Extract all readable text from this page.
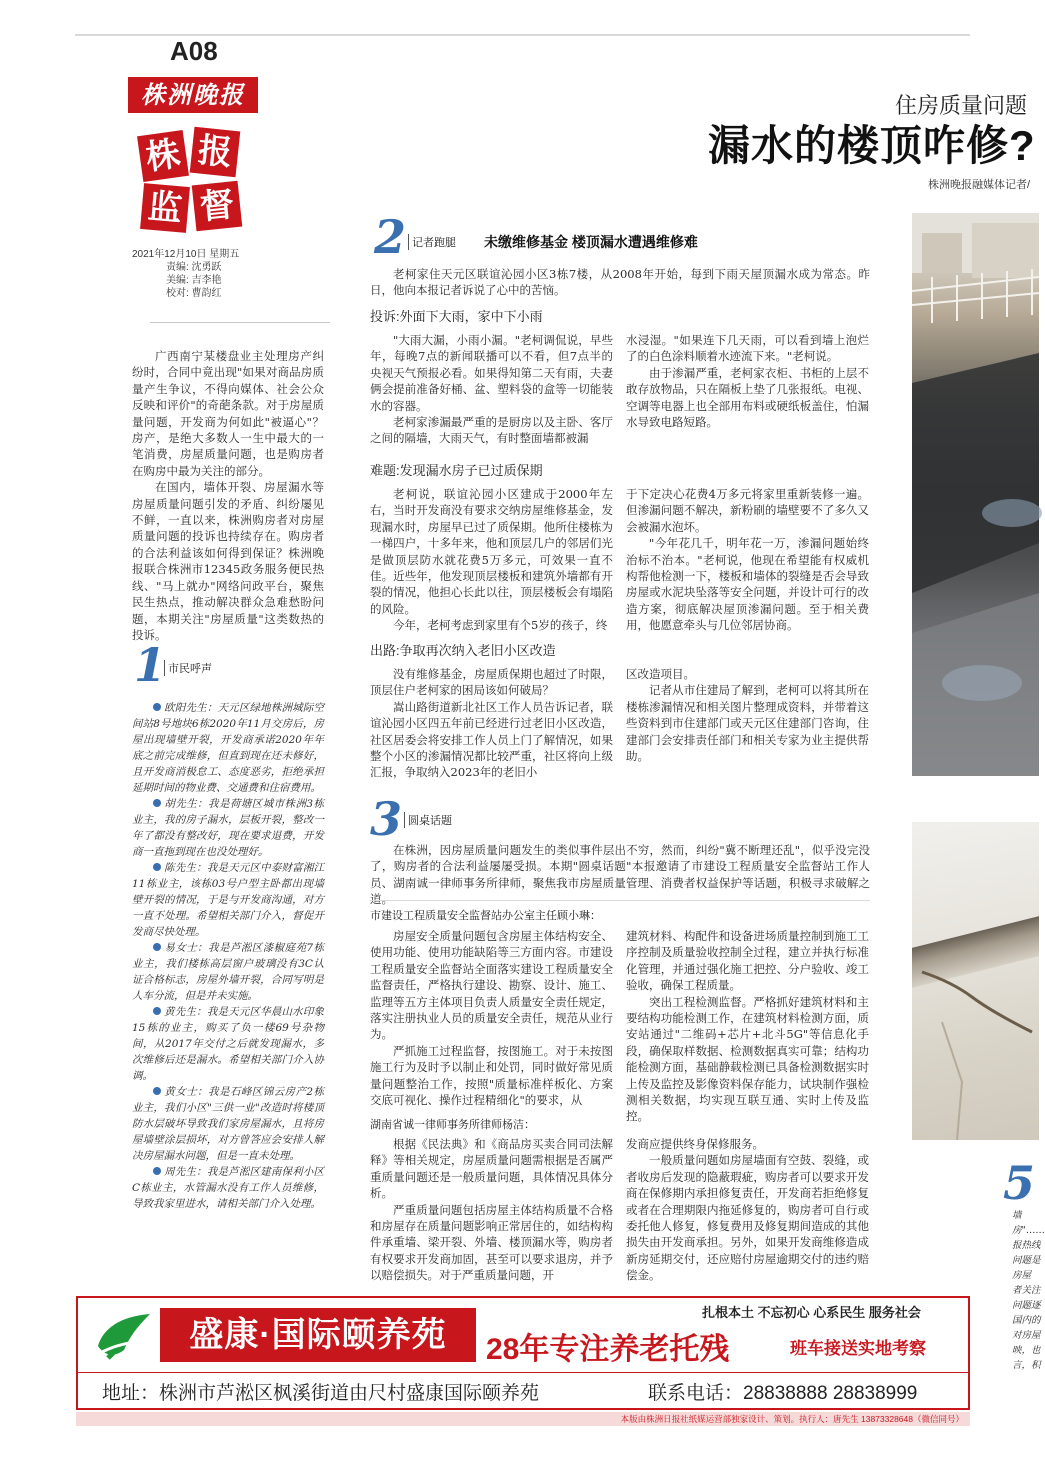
A08
株洲晚报
株 报
监 督
2021年12月10日 星期五
责编: 沈勇跃
美编: 吉李艳
校对: 曹韵红
住房质量问题
漏水的楼顶咋修?
株洲晚报融媒体记者/

广西南宁某楼盘业主处理房产纠纷时，合同中竟出现"如果对商品房质量产生争议，不得向媒体、社会公众反映和评价"的奇葩条款。对于房屋质量问题，开发商为何如此"被逼心"？房产，是绝大多数人一生中最大的一笔消费，房屋质量问题，也是购房者在购房中最为关注的部分。

在国内，墙体开裂、房屋漏水等房屋质量问题引发的矛盾、纠纷屡见不鲜，一直以来，株洲购房者对房屋质量问题的投诉也持续存在。购房者的合法利益该如何得到保证？株洲晚报联合株洲市12345政务服务便民热线、"马上就办"网络问政平台，聚焦民生热点，推动解决群众急难愁盼问题，本期关注"房屋质量"这类数热的投诉。

1 市民呼声

欧阳先生：天元区绿地株洲城际空间站8号地块6栋2020年11月交房后，房屋出现墙壁开裂，开发商承诺2020年年底之前完成维修，但直到现在还未修好，且开发商消极怠工、态度恶劣，拒绝承担延期时间的物业费、交通费和住宿费用。

胡先生：我是荷塘区城市株洲3栋业主，我的房子漏水，层板开裂，整改一年了都没有整改好，现在要求退费，开发商一直拖到现在也没处理好。

陈先生：我是天元区中泰财富湘江11栋业主，该栋03号户型主卧都出现墙壁开裂的情况，于是与开发商沟通，对方一直不处理。希望相关部门介入，督促开发商尽快处理。

易女士：我是芦淞区漆椒庭苑7栋业主，我们楼栋高层窗户玻璃没有3C认证合格标志，房屋外墙开裂，合同写明是人车分流，但是并未实施。

黄先生：我是天元区华晨山水印象15栋的业主，购买了负一楼69号杂物间，从2017年交付之后就发现漏水，多次维修后还是漏水。希望相关部门介入协调。

黄女士：我是石峰区锦云房产2栋业主，我们小区"三供一业"改造时将楼顶防水层破坏导致我们家房屋漏水，且将房屋墙壁涂层损坏，对方曾答应会安排人解决房屋漏水问题，但是一直未处理。

周先生：我是芦淞区建南保利小区C栋业主，水管漏水没有工作人员维修，导致我家里进水，请相关部门介入处理。

2 记者跑腿 未缴维修基金 楼顶漏水遭遇维修难

老柯家住天元区联谊沁园小区3栋7楼，从2008年开始，每到下雨天屋顶漏水成为常态。昨日，他向本报记者诉说了心中的苦恼。

投诉:外面下大雨，家中下小雨

"大雨大漏，小雨小漏。"老柯调侃说，早些年，每晚7点的新闻联播可以不看，但7点半的央视天气预报必看。如果得知第二天有雨，夫妻俩会提前准备好桶、盆、塑料袋的盒等一切能装水的容器。

老柯家渗漏最严重的是厨房以及主卧、客厅之间的隔墙，大雨天气，有时整面墙都被漏

水浸湿。"如果连下几天雨，可以看到墙上泡烂了的白色涂料顺着水迹流下来。"老柯说。

由于渗漏严重，老柯家衣柜、书柜的上层不敢存放物品，只在隔板上垫了几张报纸。电视、空调等电器上也全部用布料或硬纸板盖住，怕漏水导致电路短路。

难题:发现漏水房子已过质保期

老柯说，联谊沁园小区建成于2000年左右，当时开发商没有要求交纳房屋维修基金，发现漏水时，房屋早已过了质保期。他所住楼栋为一梯四户，十多年来，他和顶层几户的邻居们光是做顶层防水就花费5万多元，可效果一直不佳。近些年，他发现顶层楼板和建筑外墙都有开裂的情况，他担心长此以往，顶层楼板会有塌陷的风险。

今年，老柯考虑到家里有个5岁的孩子，终

于下定决心花费4万多元将家里重新装修一遍。但渗漏问题不解决，新粉刷的墙壁要不了多久又会被漏水泡坏。

"今年花几千，明年花一万，渗漏问题始终治标不治本。"老柯说，他现在希望能有权威机构帮他检测一下，楼板和墙体的裂缝是否会导致房屋或水泥块坠落等安全问题，并设计可行的改造方案，彻底解决屋顶渗漏问题。至于相关费用，他愿意牵头与几位邻居协商。

出路:争取再次纳入老旧小区改造

没有维修基金，房屋质保期也超过了时限，顶层住户老柯家的困局该如何破局？

嵩山路街道新北社区工作人员告诉记者，联谊沁园小区四五年前已经进行过老旧小区改造，社区居委会将安排工作人员上门了解情况，如果整个小区的渗漏情况都比较严重，社区将向上级汇报，争取纳入2023年的老旧小

区改造项目。

记者从市住建局了解到，老柯可以将其所在楼栋渗漏情况和相关图片整理成资料，并带着这些资料到市住建部门或天元区住建部门咨询，住建部门会安排责任部门和相关专家为业主提供帮助。

3 圆桌话题

在株洲，因房屋质量问题发生的类似事件层出不穷，然而，纠纷"冀不断理还乱"，似乎没完没了，购房者的合法利益屡屡受损。本期"圆桌话题"本报邀请了市建设工程质量安全监督站工作人员、湖南诚一律师事务所律师，聚焦我市房屋质量管理、消费者权益保护等话题，积极寻求破解之

市建设工程质量安全监督站办公室主任顾小琳：

房屋安全质量问题包含房屋主体结构安全、使用功能、使用功能缺陷等三方面内容。市建设工程质量安全监督站全面落实建设工程质量安全监督责任，严格执行建设、勘察、设计、施工、监理等五方主体项目负责人质量安全责任规定，落实注册执业人员的质量安全责任，规范从业行为。

严抓施工过程监督，按图施工。对于未按图施工行为及时予以制止和处罚，同时做好常见质量问题整治工作，按照"质量标准样板化、方案交底可视化、操作过程精细化"的要求，从

建筑材料、构配件和设备进场质量控制到施工工序控制及质量验收控制全过程，建立并执行标准化管理，并通过强化施工把控、分户验收、竣工验收，确保工程质量。

突出工程检测监督。严格抓好建筑材料和主要结构功能检测工作，在建筑材料检测方面，质安站通过"二维码+芯片+北斗5G"等信息化手段，确保取样数据、检测数据真实可靠；结构功能检测方面，基础静载检测已具备检测数据实时上传及监控及影像资料保存能力，试块制作强检测相关数据，均实现互联互通、实时上传及监控。

湖南省诚一律师事务所律师杨洁：

根据《民法典》和《商品房买卖合同司法解释》等相关规定，房屋质量问题需根据是否属严重质量问题还是一般质量问题，具体情况具体分析。

严重质量问题包括房屋主体结构质量不合格和房屋存在质量问题影响正常居住的，如结构构件承重墙、梁开裂、外墙、楼顶漏水等，购房者有权要求开发商加固，甚至可以要求退房，并予以赔偿损失。对于严重质量问题，开

发商应提供终身保修服务。

一般质量问题如房屋墙面有空鼓、裂缝，或者收房后发现的隐蔽瑕疵，购房者可以要求开发商在保修期内承担修复责任，开发商若拒绝修复或者在合理期限内拖延修复的，购房者可自行或委托他人修复，修复费用及修复期间造成的其他损失由开发商承担。另外，如果开发商维修造成新房延期交付，还应赔付房屋逾期交付的违约赔偿金。

5
墙
房"……
报热线
问题是
房屋
者关注
问题逐
国内的
对房屋
映，也
言，积
盛康·国际颐养苑
扎根本土 不忘初心 心系民生 服务社会
28年专注养老托残	班车接送实地考察
地址：株洲市芦淞区枫溪街道由尺村盛康国际颐养苑	联系电话：28838888 28838999
本版由株洲日报社纸媒运营部独家设计、策划。执行人：唐先生 13873328648（微信同号）
